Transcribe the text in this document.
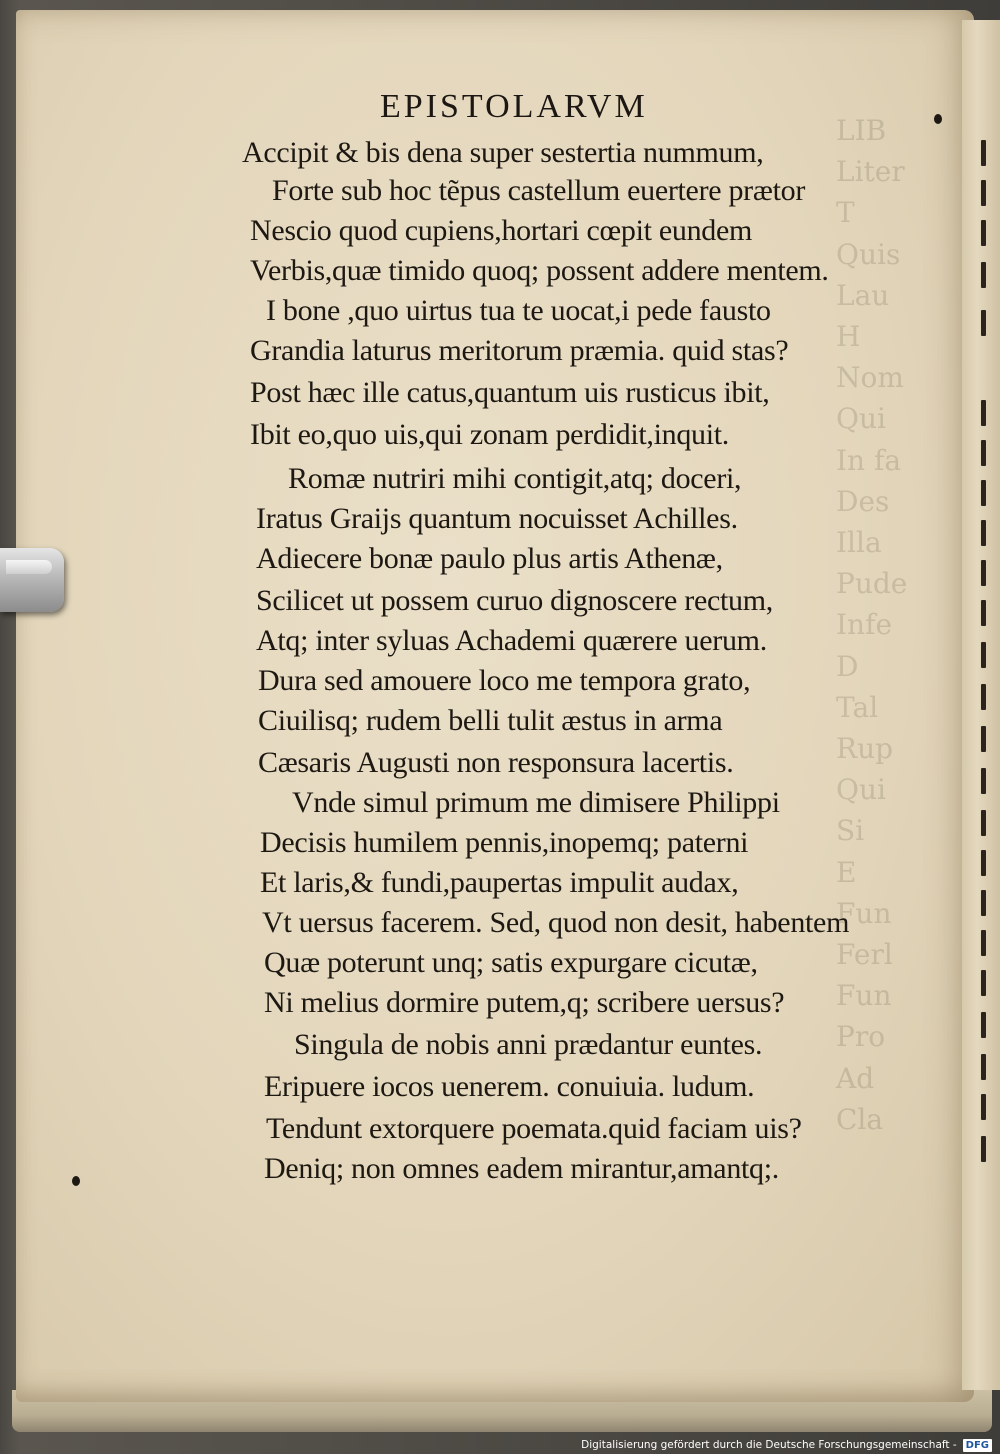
LIB
Liter
T
Quis
Lau
H
Nom
Qui
In fa
Des
Illa
Pude
Infe
D
Tal
Rup
Qui
Si
E
Fun
Ferl
Fun
Pro
Ad
Cla
EPISTOLARVM
Accipit & bis dena super sestertia nummum,
Forte sub hoc tẽpus castellum euertere prætor
Nescio quod cupiens,hortari cœpit eundem
Verbis,quæ timido quoq; possent addere mentem.
I bone ,quo uirtus tua te uocat,i pede fausto
Grandia laturus meritorum præmia. quid stas?
Post hæc ille catus,quantum uis rusticus ibit,
Ibit eo,quo uis,qui zonam perdidit,inquit.
Romæ nutriri mihi contigit,atq; doceri,
Iratus Graijs quantum nocuisset Achilles.
Adiecere bonæ paulo plus artis Athenæ,
Scilicet ut possem curuo dignoscere rectum,
Atq; inter syluas Achademi quærere uerum.
Dura sed amouere loco me tempora grato,
Ciuilisq; rudem belli tulit æstus in arma
Cæsaris Augusti non responsura lacertis.
Vnde simul primum me dimisere Philippi
Decisis humilem pennis,inopemq; paterni
Et laris,& fundi,paupertas impulit audax,
Vt uersus facerem. Sed, quod non desit, habentem
Quæ poterunt unq; satis expurgare cicutæ,
Ni melius dormire putem,q; scribere uersus?
Singula de nobis anni prædantur euntes.
Eripuere iocos uenerem. conuiuia. ludum.
Tendunt extorquere poemata.quid faciam uis?
Deniq; non omnes eadem mirantur,amantq;.
Digitalisierung gefördert durch die Deutsche Forschungsgemeinschaft - DFG
